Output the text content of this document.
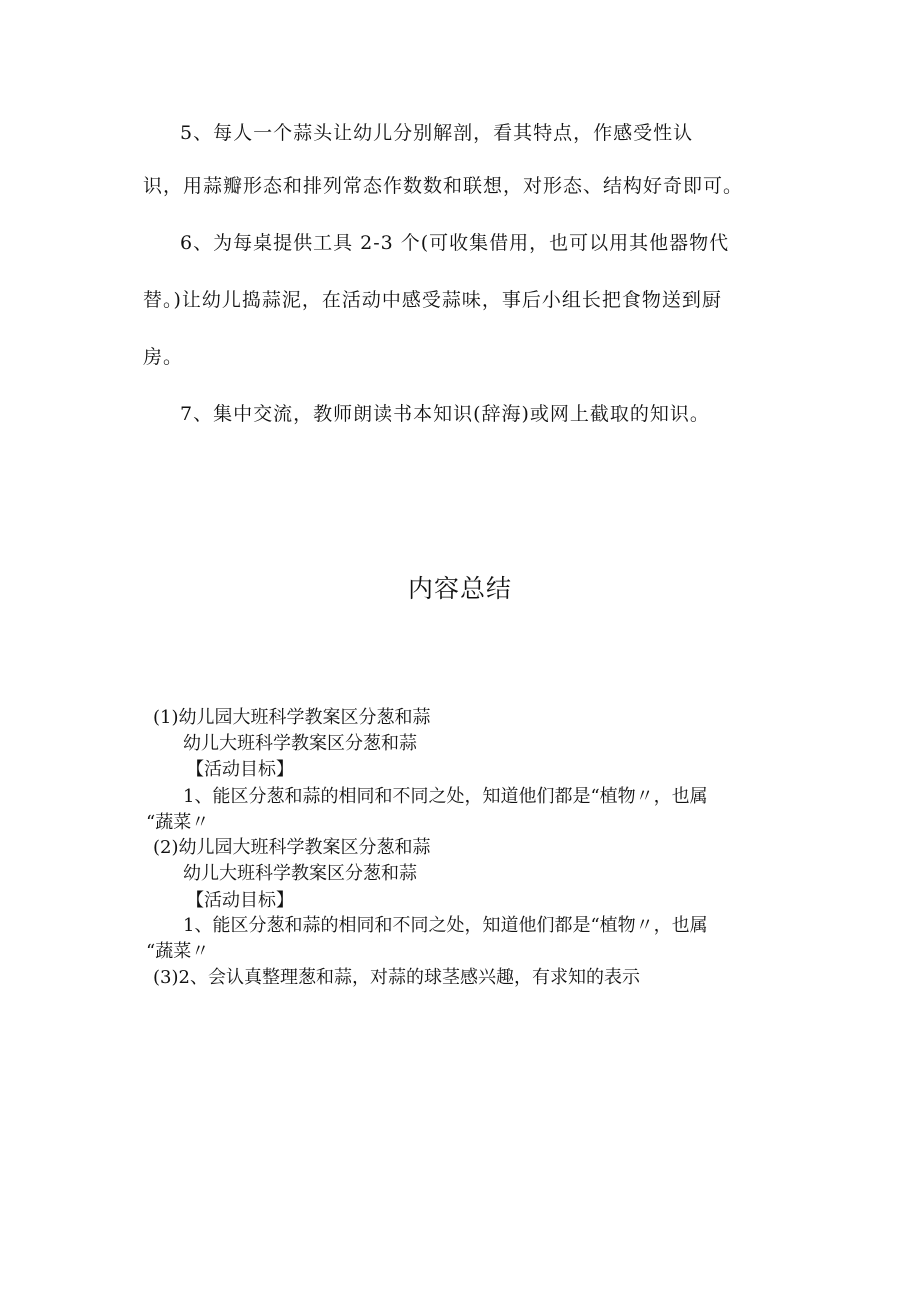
5、每人一个蒜头让幼儿分别解剖，看其特点，作感受性认
识，用蒜瓣形态和排列常态作数数和联想，对形态、结构好奇即可。
6、为每桌提供工具 2-3 个(可收集借用，也可以用其他器物代
替。)让幼儿捣蒜泥，在活动中感受蒜味，事后小组长把食物送到厨
房。
7、集中交流，教师朗读书本知识(辞海)或网上截取的知识。
内容总结
(1)幼儿园大班科学教案区分葱和蒜
幼儿大班科学教案区分葱和蒜
【活动目标】
1、能区分葱和蒜的相同和不同之处，知道他们都是“植物〃，也属
“蔬菜〃
(2)幼儿园大班科学教案区分葱和蒜
幼儿大班科学教案区分葱和蒜
【活动目标】
1、能区分葱和蒜的相同和不同之处，知道他们都是“植物〃，也属
“蔬菜〃
(3)2、会认真整理葱和蒜，对蒜的球茎感兴趣，有求知的表示
